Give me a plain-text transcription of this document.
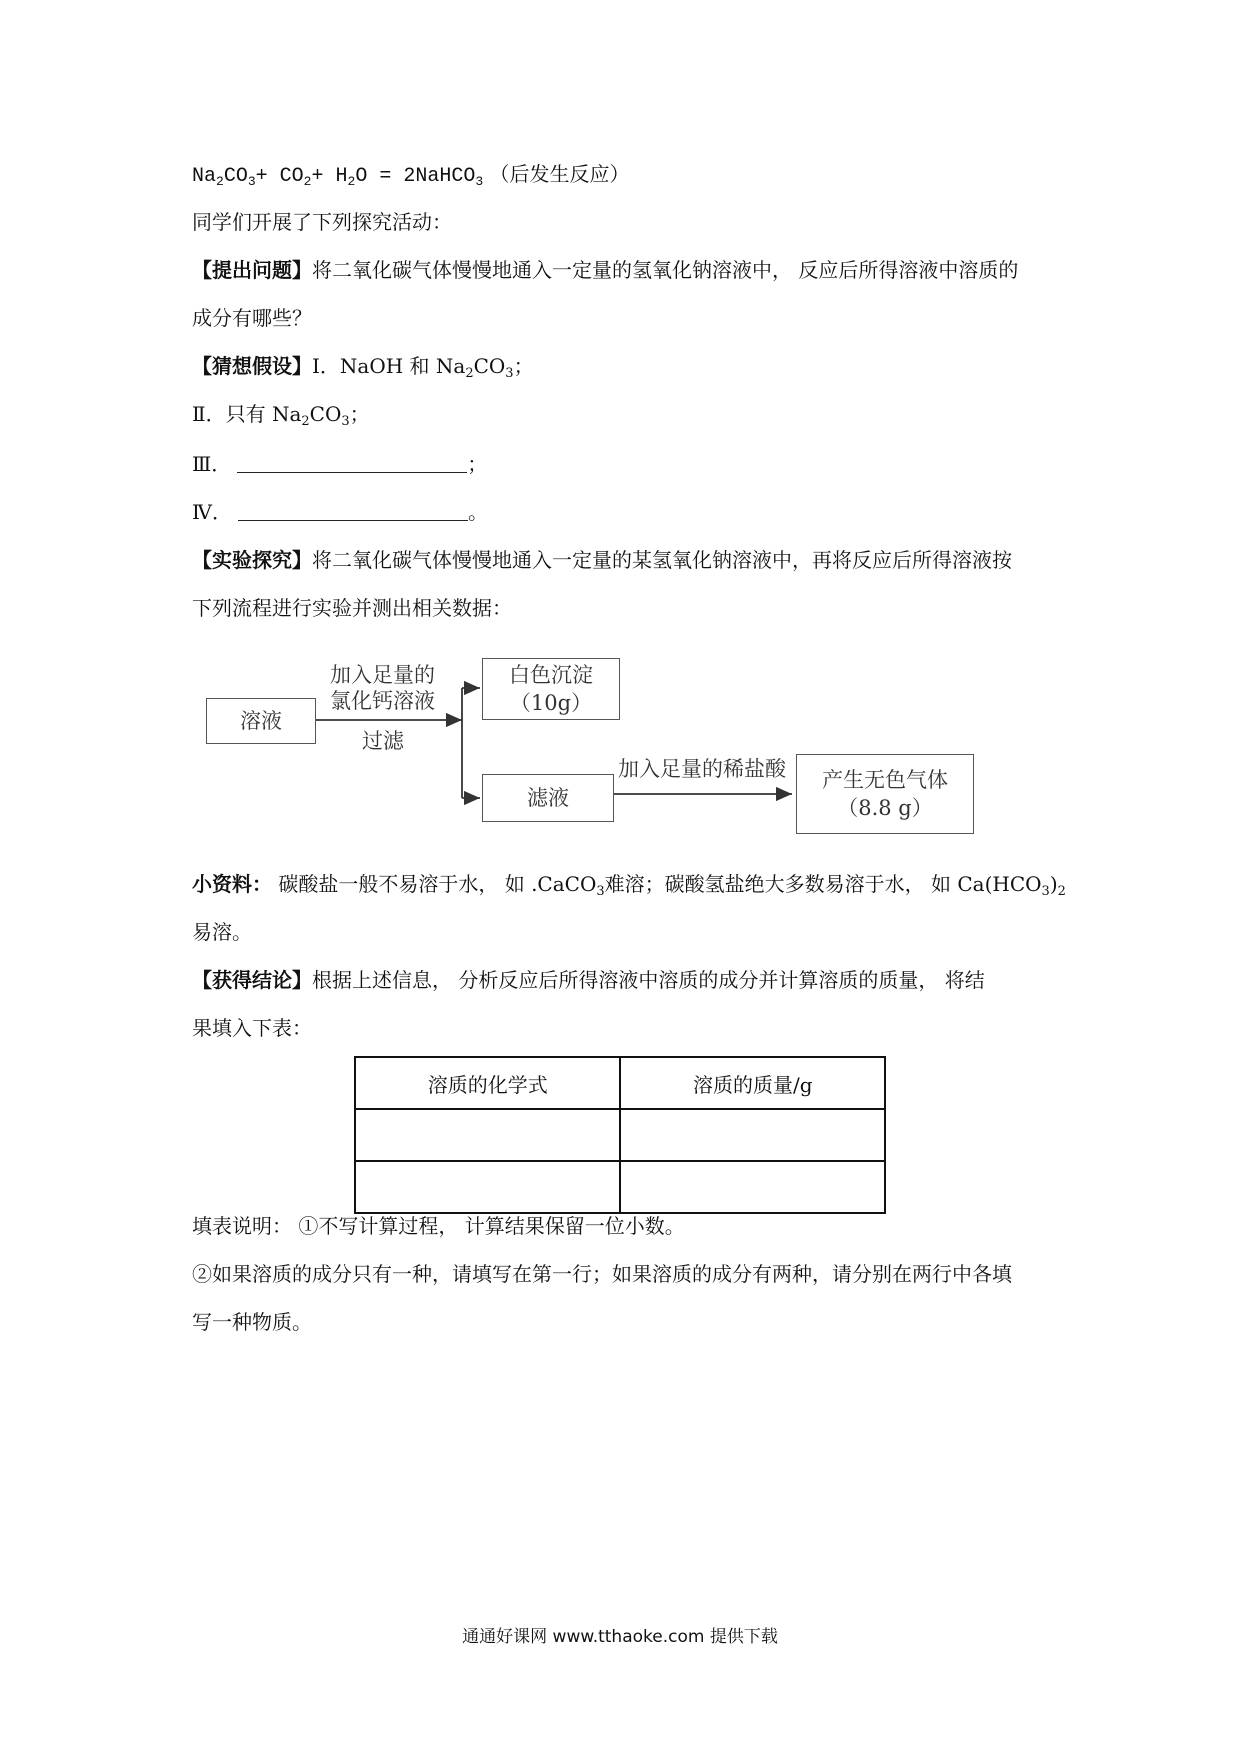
$Na_2CO_3+ CO_2+ H_2O$ = 2NaHCO$_3$ （后发生反应）
同学们开展了下列探究活动：
【提出问题】将二氧化碳气体慢慢地通入一定量的氢氧化钠溶液中， 反应后所得溶液中溶质的
成分有哪些？
【猜想假设】Ⅰ．NaOH 和 $Na_2CO_3$；
Ⅱ．只有 $Na_2CO_3$；
Ⅲ．	；
Ⅳ．	。
【实验探究】将二氧化碳气体慢慢地通入一定量的某氢氧化钠溶液中，再将反应后所得溶液按
下列流程进行实验并测出相关数据：
溶液
加入足量的
氯化钙溶液
过滤
白色沉淀
（10g）
滤液
加入足量的稀盐酸 产生无色气体
（8.8 g）
小资料： 碳酸盐一般不易溶于水， 如 .CaCO$_3$难溶；碳酸氢盐绝大多数易溶于水， 如 $Ca(HCO_3)_2$
易溶。
【获得结论】根据上述信息， 分析反应后所得溶液中溶质的成分并计算溶质的质量， 将结
果填入下表：
溶质的化学式	溶质的质量/g

填表说明： ①不写计算过程， 计算结果保留一位小数。
②如果溶质的成分只有一种，请填写在第一行；如果溶质的成分有两种，请分别在两行中各填
写一种物质。
通通好课网 www.tthaoke.com 提供下载
